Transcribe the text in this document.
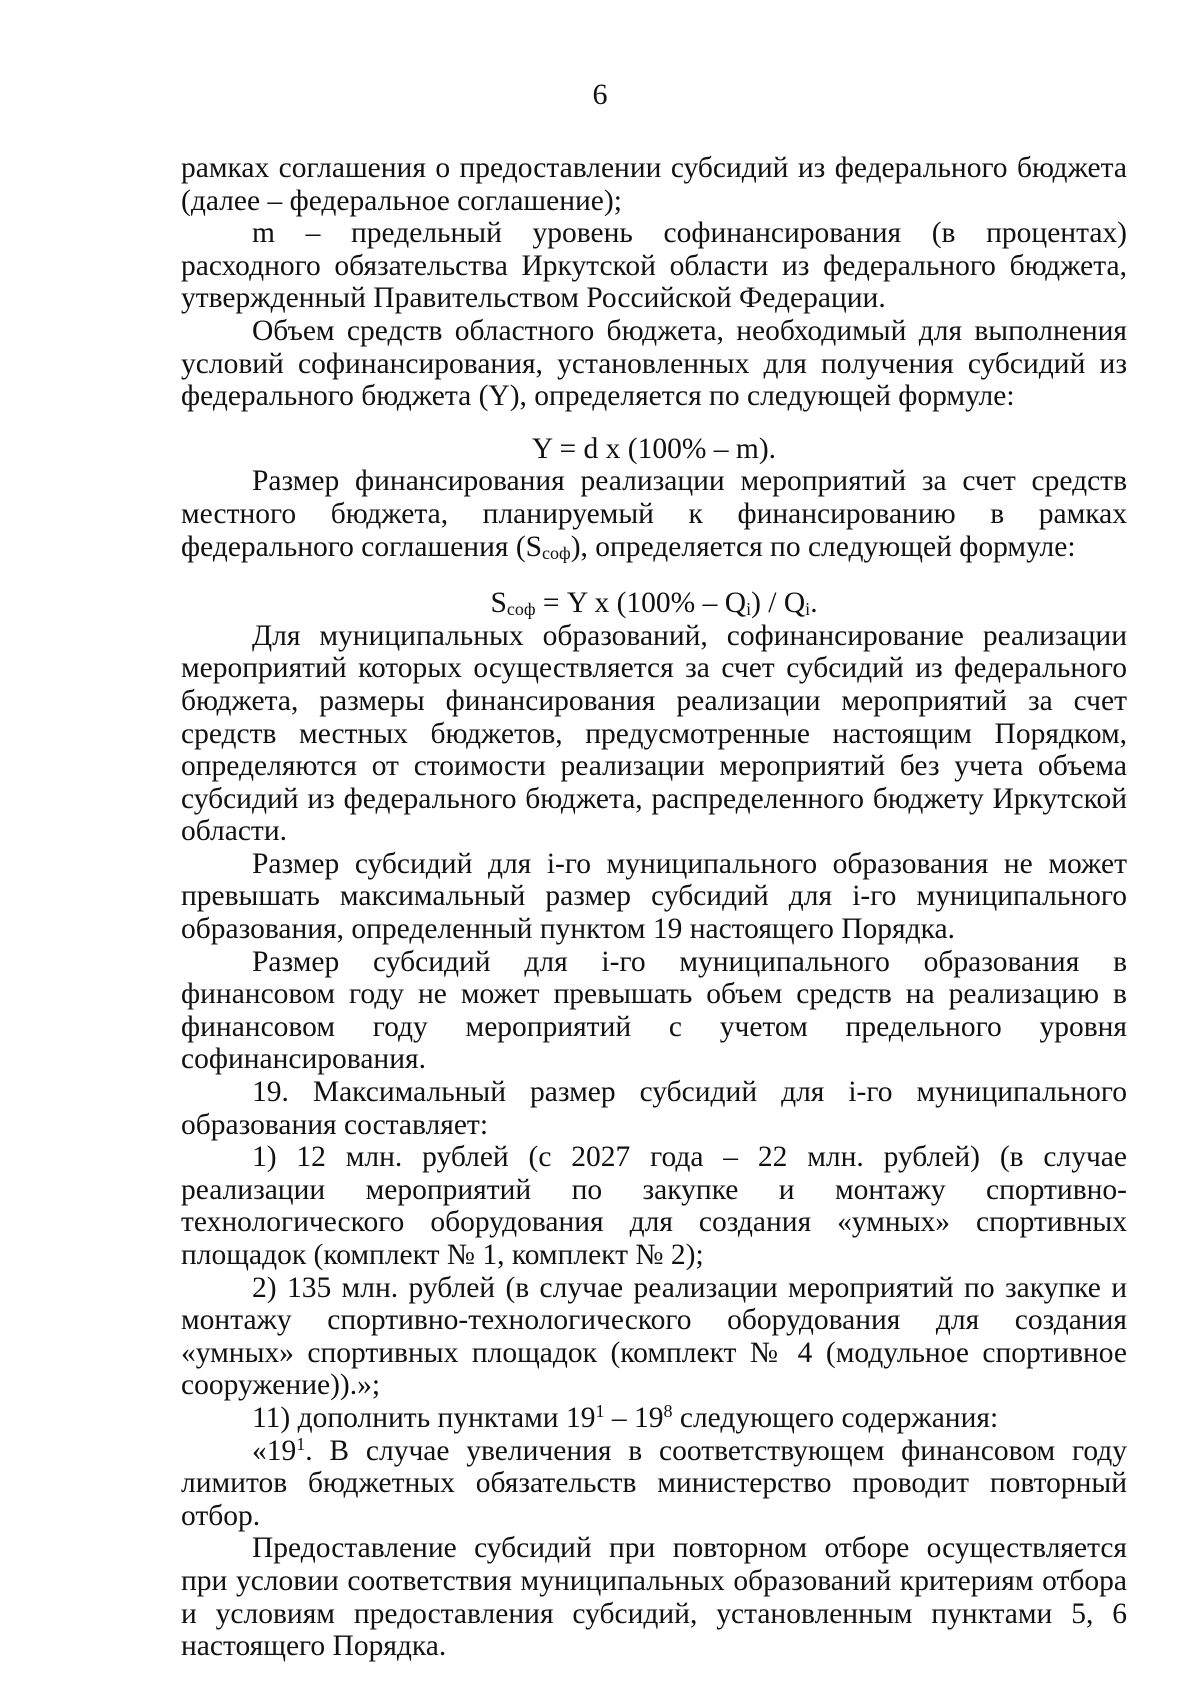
6

рамках соглашения о предоставлении субсидий из федерального бюджета (далее – федеральное соглашение);

m – предельный уровень софинансирования (в процентах) расходного обязательства Иркутской области из федерального бюджета, утвержденный Правительством Российской Федерации.

Объем средств областного бюджета, необходимый для выполнения условий софинансирования, установленных для получения субсидий из федерального бюджета (Y), определяется по следующей формуле:

Y = d x (100% – m).

Размер финансирования реализации мероприятий за счет средств местного бюджета, планируемый к финансированию в рамках федерального соглашения $(S_{соф})$, определяется по следующей формуле:

$S_{соф} = Y$ x $(100\% - Q_i) / Q_i$.

Для муниципальных образований, софинансирование реализации мероприятий которых осуществляется за счет субсидий из федерального бюджета, размеры финансирования реализации мероприятий за счет средств местных бюджетов, предусмотренные настоящим Порядком, определяются от стоимости реализации мероприятий без учета объема субсидий из федерального бюджета, распределенного бюджету Иркутской области.

Размер субсидий для i-го муниципального образования не может превышать максимальный размер субсидий для i-го муниципального образования, определенный пунктом 19 настоящего Порядка.

Размер субсидий для i-го муниципального образования в финансовом году не может превышать объем средств на реализацию в финансовом году мероприятий с учетом предельного уровня софинансирования.

19. Максимальный размер субсидий для i-го муниципального образования составляет:

1) 12 млн. рублей (с 2027 года – 22 млн. рублей) (в случае реализации мероприятий по закупке и монтажу спортивно-технологического оборудования для создания «умных» спортивных площадок (комплект № 1, комплект № 2);

2) 135 млн. рублей (в случае реализации мероприятий по закупке и монтажу спортивно-технологического оборудования для создания «умных» спортивных площадок (комплект № 4 (модульное спортивное сооружение)).»;

11) дополнить пунктами $19^1 - 19^8$ следующего содержания:

«$19^1$. В случае увеличения в соответствующем финансовом году лимитов бюджетных обязательств министерство проводит повторный отбор.

Предоставление субсидий при повторном отборе осуществляется при условии соответствия муниципальных образований критериям отбора и условиям предоставления субсидий, установленным пунктами 5, 6 настоящего Порядка.
